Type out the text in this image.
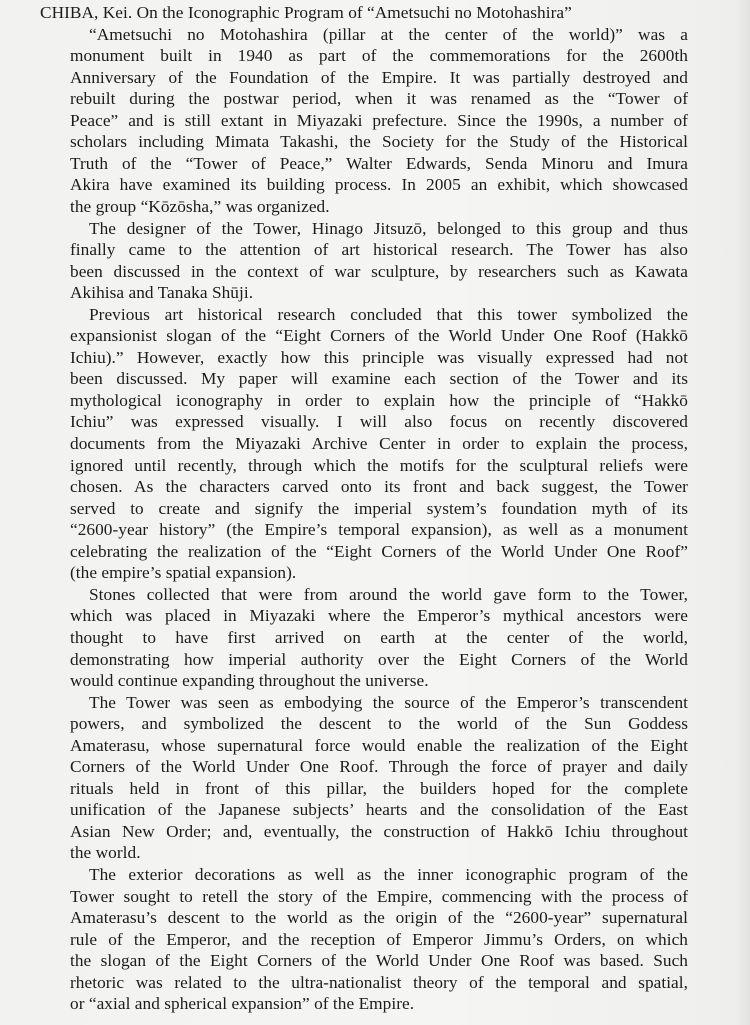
CHIBA, Kei. On the Iconographic Program of “Ametsuchi no Motohashira”
“Ametsuchi no Motohashira (pillar at the center of the world)” was a
monument built in 1940 as part of the commemorations for the 2600th
Anniversary of the Foundation of the Empire. It was partially destroyed and
rebuilt during the postwar period, when it was renamed as the “Tower of
Peace” and is still extant in Miyazaki prefecture. Since the 1990s, a number of
scholars including Mimata Takashi, the Society for the Study of the Historical
Truth of the “Tower of Peace,” Walter Edwards, Senda Minoru and Imura
Akira have examined its building process. In 2005 an exhibit, which showcased
the group “Kōzōsha,” was organized.
The designer of the Tower, Hinago Jitsuzō, belonged to this group and thus
finally came to the attention of art historical research. The Tower has also
been discussed in the context of war sculpture, by researchers such as Kawata
Akihisa and Tanaka Shūji.
Previous art historical research concluded that this tower symbolized the
expansionist slogan of the “Eight Corners of the World Under One Roof (Hakkō
Ichiu).” However, exactly how this principle was visually expressed had not
been discussed. My paper will examine each section of the Tower and its
mythological iconography in order to explain how the principle of “Hakkō
Ichiu” was expressed visually. I will also focus on recently discovered
documents from the Miyazaki Archive Center in order to explain the process,
ignored until recently, through which the motifs for the sculptural reliefs were
chosen. As the characters carved onto its front and back suggest, the Tower
served to create and signify the imperial system’s foundation myth of its
“2600-year history” (the Empire’s temporal expansion), as well as a monument
celebrating the realization of the “Eight Corners of the World Under One Roof”
(the empire’s spatial expansion).
Stones collected that were from around the world gave form to the Tower,
which was placed in Miyazaki where the Emperor’s mythical ancestors were
thought to have first arrived on earth at the center of the world,
demonstrating how imperial authority over the Eight Corners of the World
would continue expanding throughout the universe.
The Tower was seen as embodying the source of the Emperor’s transcendent
powers, and symbolized the descent to the world of the Sun Goddess
Amaterasu, whose supernatural force would enable the realization of the Eight
Corners of the World Under One Roof. Through the force of prayer and daily
rituals held in front of this pillar, the builders hoped for the complete
unification of the Japanese subjects’ hearts and the consolidation of the East
Asian New Order; and, eventually, the construction of Hakkō Ichiu throughout
the world.
The exterior decorations as well as the inner iconographic program of the
Tower sought to retell the story of the Empire, commencing with the process of
Amaterasu’s descent to the world as the origin of the “2600-year” supernatural
rule of the Emperor, and the reception of Emperor Jimmu’s Orders, on which
the slogan of the Eight Corners of the World Under One Roof was based. Such
rhetoric was related to the ultra-nationalist theory of the temporal and spatial,
or “axial and spherical expansion” of the Empire.
